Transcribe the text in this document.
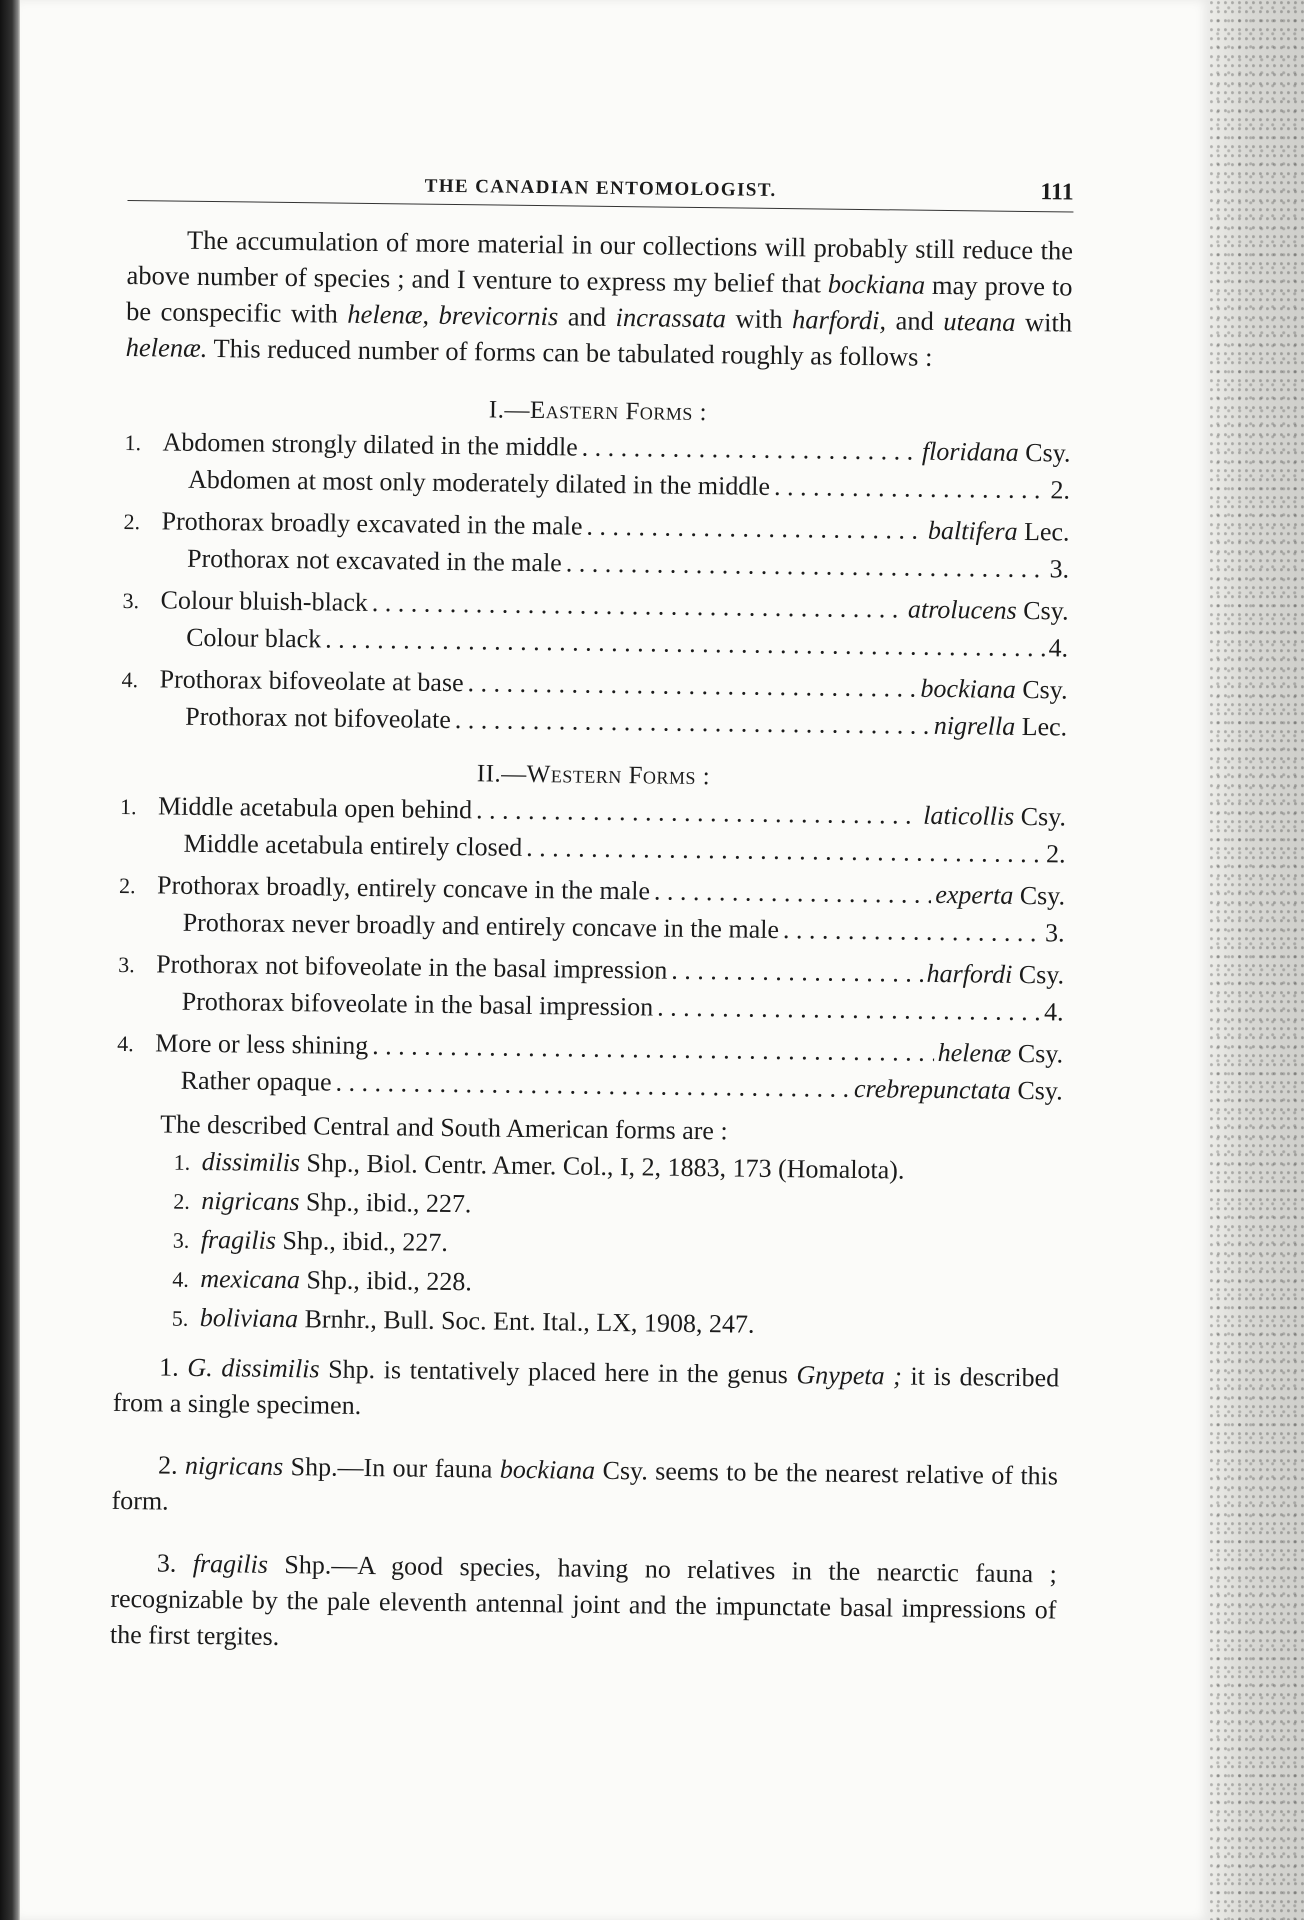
THE CANADIAN ENTOMOLOGIST.	111

The accumulation of more material in our collections will probably still reduce the above number of species ; and I venture to express my belief that bockiana may prove to be conspecific with helenæ, brevicornis and incrassata with harfordi, and uteana with helenæ. This reduced number of forms can be tabulated roughly as follows :

I.—Eastern Forms :
1. Abdomen strongly dilated in the middle . . .	floridana Csy.
Abdomen at most only moderately dilated in the middle . . .	2.
2. Prothorax broadly excavated in the male . . .	baltifera Lec.
Prothorax not excavated in the male . . .	3.
3. Colour bluish-black . . .	atrolucens Csy.
Colour black . . .	4.
4. Prothorax bifoveolate at base . . .	bockiana Csy.
Prothorax not bifoveolate . . .	nigrella Lec.
II.—Western Forms :
1. Middle acetabula open behind . . .	laticollis Csy.
Middle acetabula entirely closed . . .	2.
2. Prothorax broadly, entirely concave in the male . . .	experta Csy.
Prothorax never broadly and entirely concave in the male . . .	3.
3. Prothorax not bifoveolate in the basal impression . . .	harfordi Csy.
Prothorax bifoveolate in the basal impression . . .	4.
4. More or less shining . . .	helenæ Csy.
Rather opaque . . .	crebrepunctata Csy.
The described Central and South American forms are :
1. dissimilis Shp., Biol. Centr. Amer. Col., I, 2, 1883, 173 (Homalota).
2. nigricans Shp., ibid., 227.
3. fragilis Shp., ibid., 227.
4. mexicana Shp., ibid., 228.
5. boliviana Brnhr., Bull. Soc. Ent. Ital., LX, 1908, 247.

1. G. dissimilis Shp. is tentatively placed here in the genus Gnypeta ; it is described from a single specimen.

2. nigricans Shp.—In our fauna bockiana Csy. seems to be the nearest relative of this form.

3. fragilis Shp.—A good species, having no relatives in the nearctic fauna ; recognizable by the pale eleventh antennal joint and the impunctate basal impressions of the first tergites.
